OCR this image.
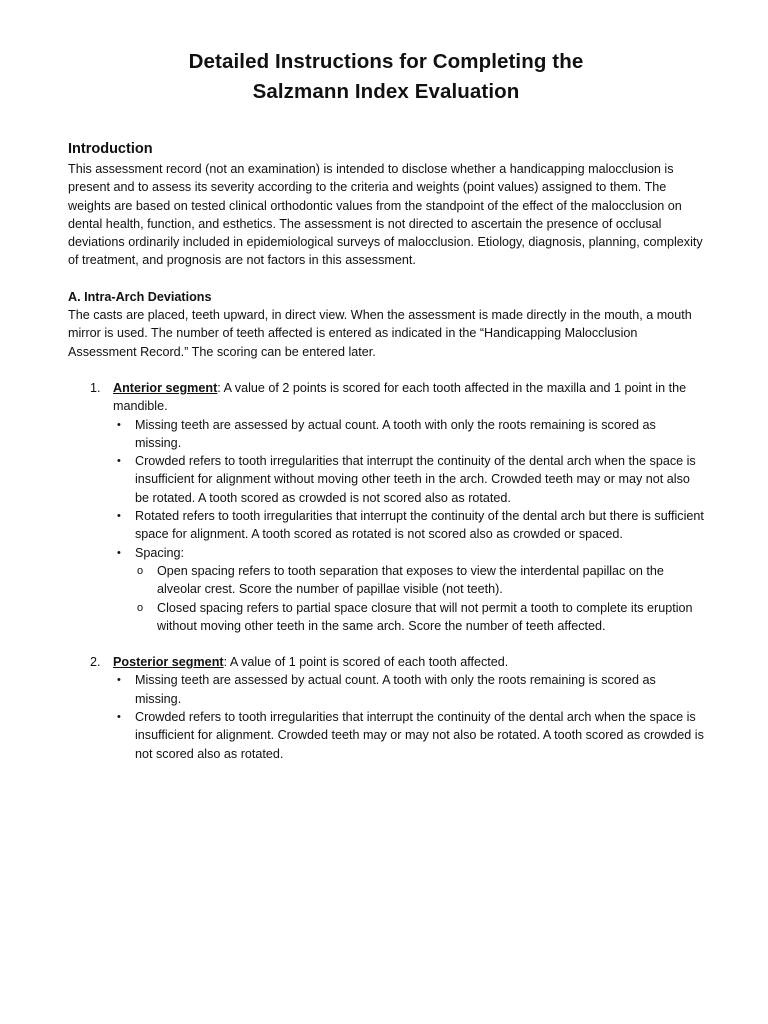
Detailed Instructions for Completing the
Salzmann Index Evaluation
Introduction

This assessment record (not an examination) is intended to disclose whether a handicapping malocclusion is present and to assess its severity according to the criteria and weights (point values) assigned to them. The weights are based on tested clinical orthodontic values from the standpoint of the effect of the malocclusion on dental health, function, and esthetics. The assessment is not directed to ascertain the presence of occlusal deviations ordinarily included in epidemiological surveys of malocclusion. Etiology, diagnosis, planning, complexity of treatment, and prognosis are not factors in this assessment.

A. Intra-Arch Deviations

The casts are placed, teeth upward, in direct view. When the assessment is made directly in the mouth, a mouth mirror is used. The number of teeth affected is entered as indicated in the “Handicapping Malocclusion Assessment Record.” The scoring can be entered later.

1. Anterior segment: A value of 2 points is scored for each tooth affected in the maxilla and 1 point in the mandible.
• Missing teeth are assessed by actual count. A tooth with only the roots remaining is scored as missing.
• Crowded refers to tooth irregularities that interrupt the continuity of the dental arch when the space is insufficient for alignment without moving other teeth in the arch. Crowded teeth may or may not also be rotated. A tooth scored as crowded is not scored also as rotated.
• Rotated refers to tooth irregularities that interrupt the continuity of the dental arch but there is sufficient space for alignment. A tooth scored as rotated is not scored also as crowded or spaced.
• Spacing:
o Open spacing refers to tooth separation that exposes to view the interdental papillac on the alveolar crest. Score the number of papillae visible (not teeth).
o Closed spacing refers to partial space closure that will not permit a tooth to complete its eruption without moving other teeth in the same arch. Score the number of teeth affected.
2. Posterior segment: A value of 1 point is scored of each tooth affected.
• Missing teeth are assessed by actual count. A tooth with only the roots remaining is scored as missing.
• Crowded refers to tooth irregularities that interrupt the continuity of the dental arch when the space is insufficient for alignment. Crowded teeth may or may not also be rotated. A tooth scored as crowded is not scored also as rotated.
